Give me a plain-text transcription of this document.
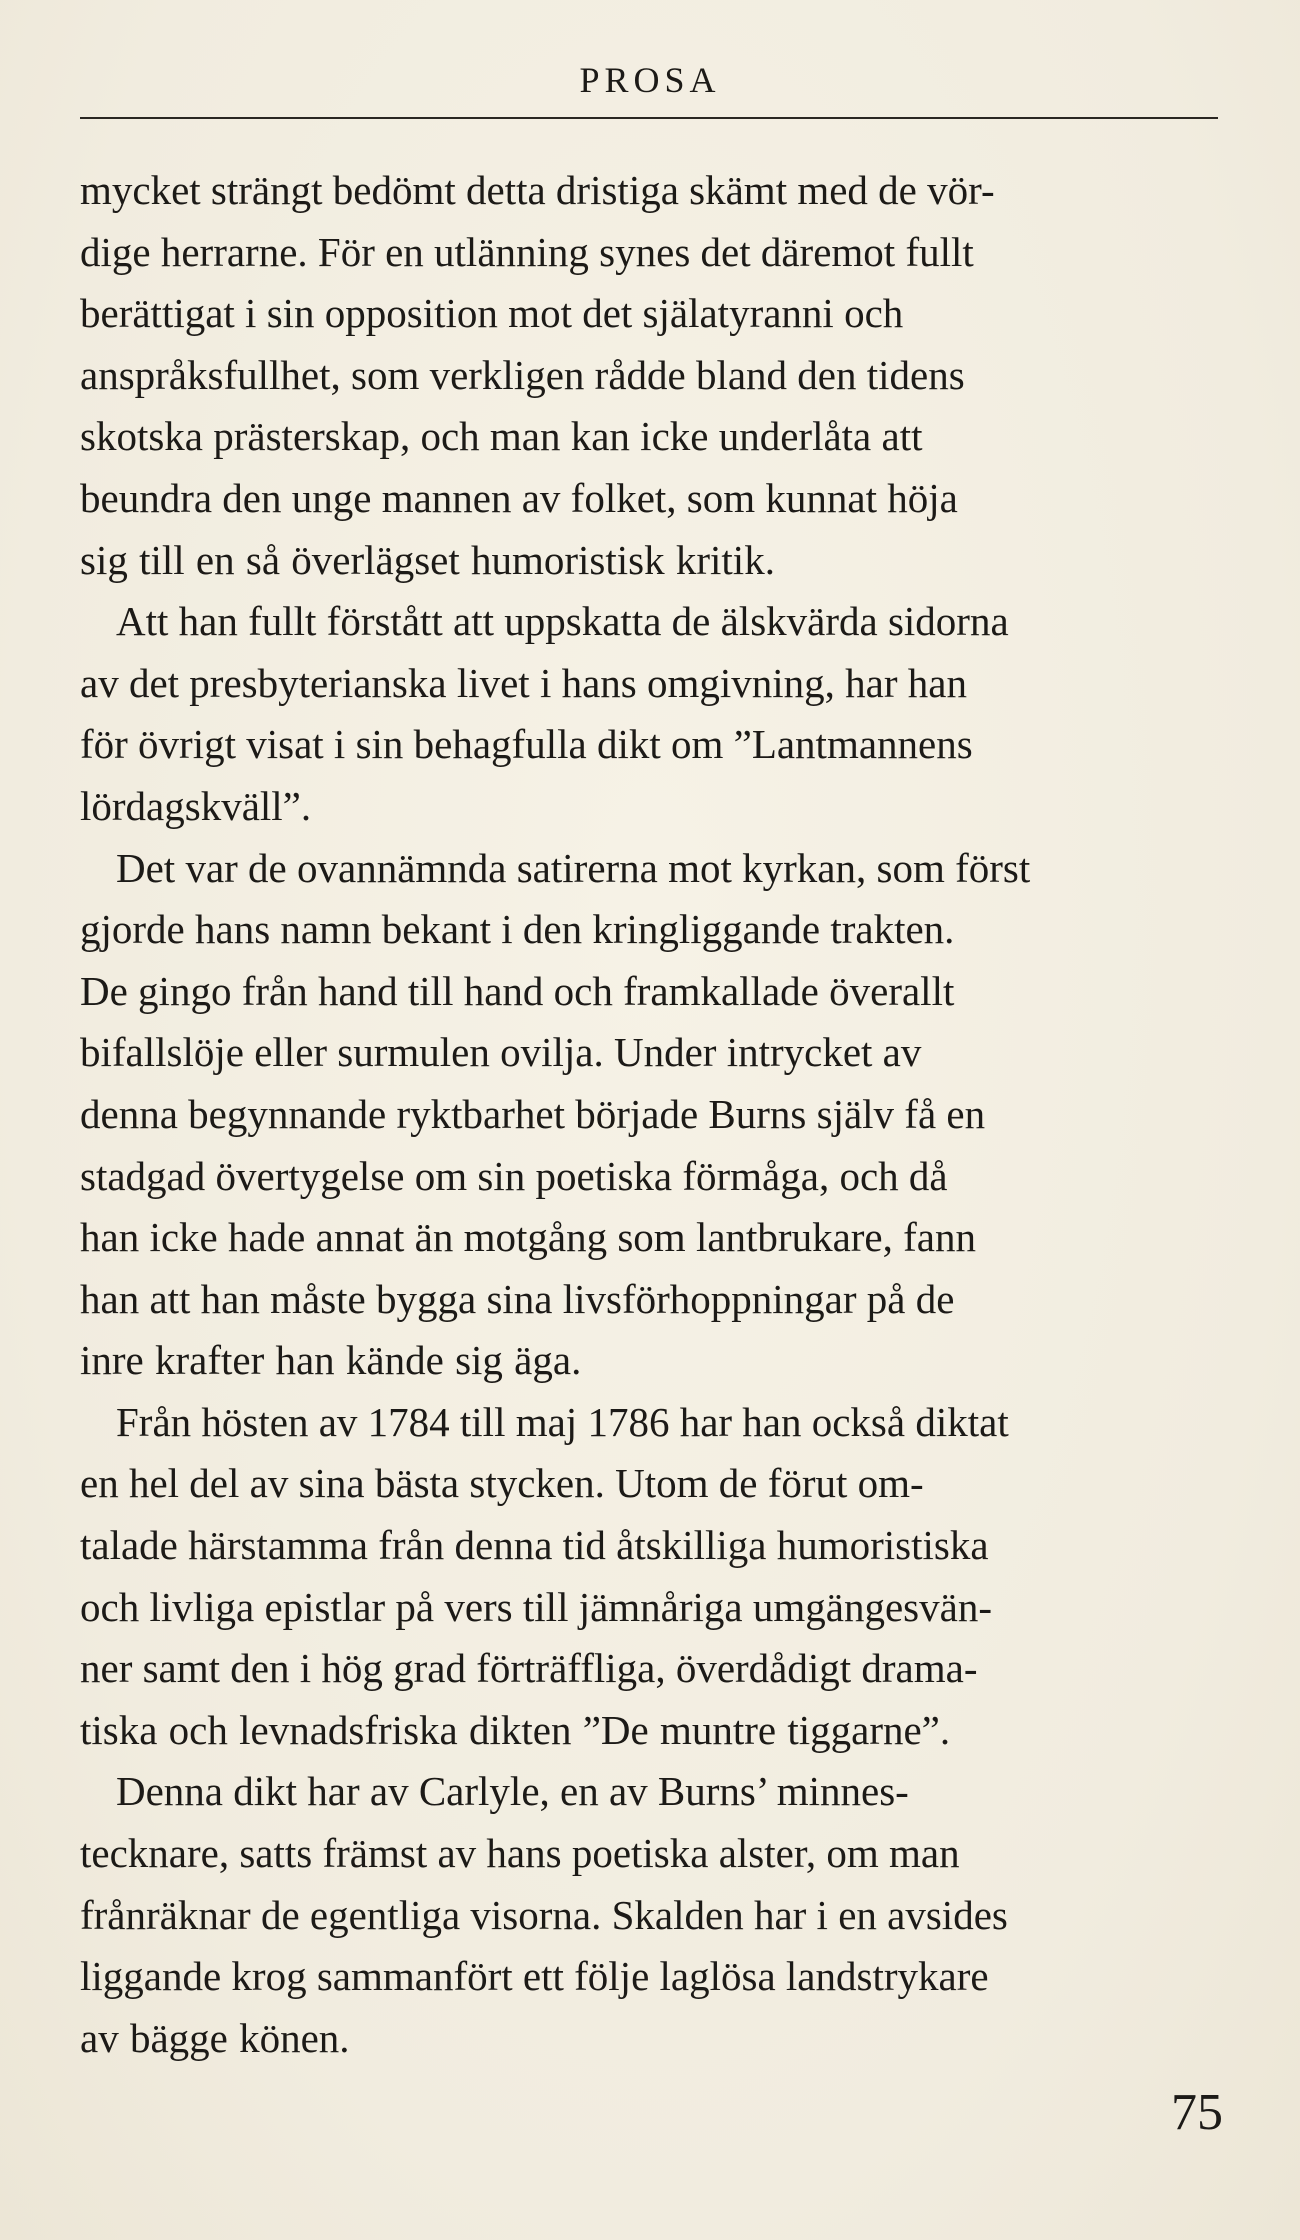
PROSA

mycket strängt bedömt detta dristiga skämt med de vör-
dige herrarne. För en utlänning synes det däremot fullt
berättigat i sin opposition mot det själatyranni och
anspråksfullhet, som verkligen rådde bland den tidens
skotska prästerskap, och man kan icke underlåta att
beundra den unge mannen av folket, som kunnat höja
sig till en så överlägset humoristisk kritik.

Att han fullt förstått att uppskatta de älskvärda sidorna
av det presbyterianska livet i hans omgivning, har han
för övrigt visat i sin behagfulla dikt om ”Lantmannens
lördagskväll”.

Det var de ovannämnda satirerna mot kyrkan, som först
gjorde hans namn bekant i den kringliggande trakten.
De gingo från hand till hand och framkallade överallt
bifallslöje eller surmulen ovilja. Under intrycket av
denna begynnande ryktbarhet började Burns själv få en
stadgad övertygelse om sin poetiska förmåga, och då
han icke hade annat än motgång som lantbrukare, fann
han att han måste bygga sina livsförhoppningar på de
inre krafter han kände sig äga.

Från hösten av 1784 till maj 1786 har han också diktat
en hel del av sina bästa stycken. Utom de förut om-
talade härstamma från denna tid åtskilliga humoristiska
och livliga epistlar på vers till jämnåriga umgängesvän-
ner samt den i hög grad förträffliga, överdådigt drama-
tiska och levnadsfriska dikten ”De muntre tiggarne”.

Denna dikt har av Carlyle, en av Burns’ minnes-
tecknare, satts främst av hans poetiska alster, om man
frånräknar de egentliga visorna. Skalden har i en avsides
liggande krog sammanfört ett följe laglösa landstrykare
av bägge könen.

75
